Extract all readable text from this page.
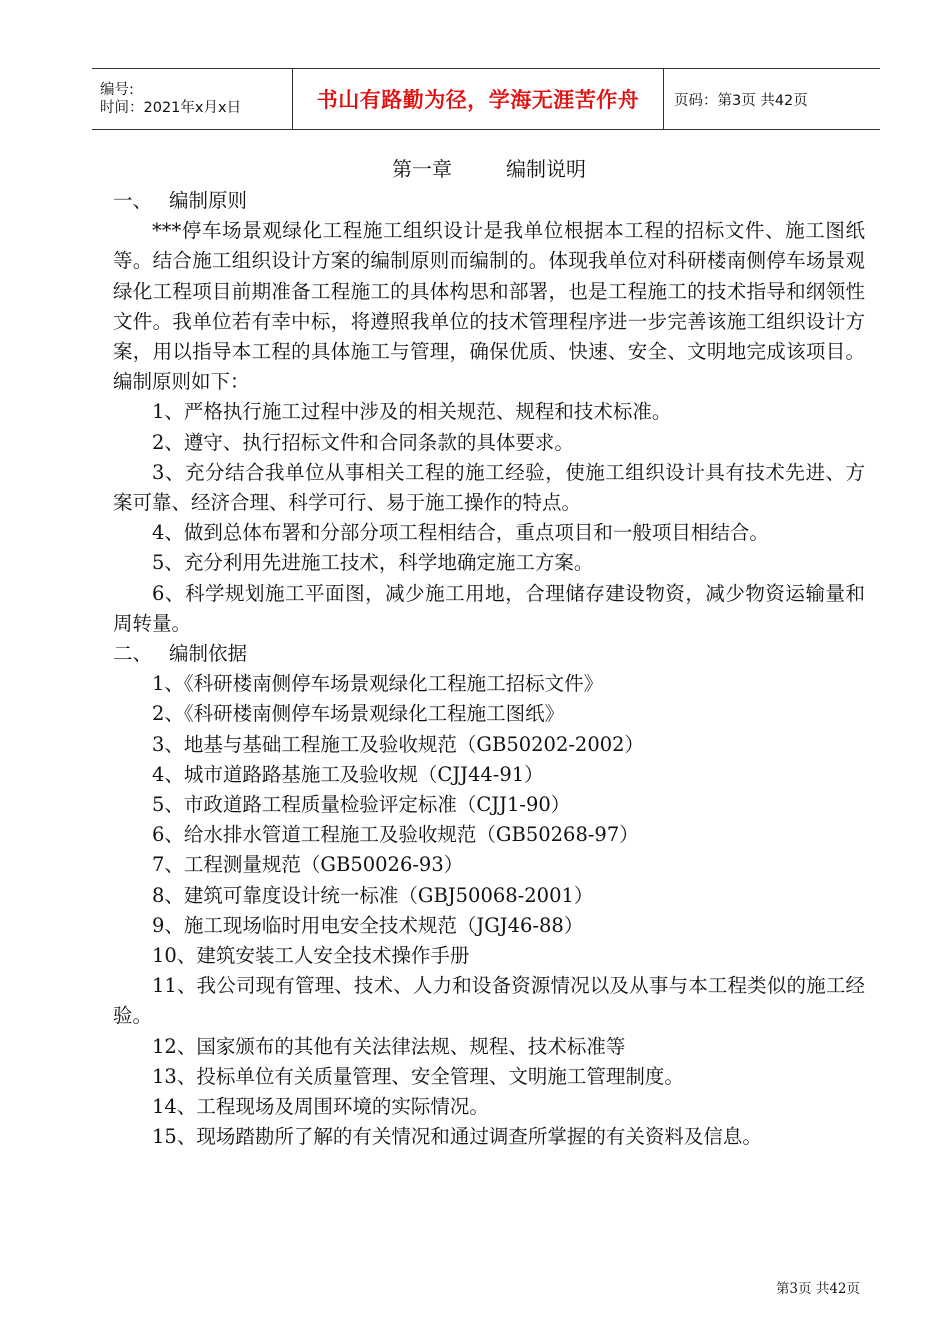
编号:
时间：2021年x月x日	书山有路勤为径，学海无涯苦作舟 页码：第3页 共42页
第一章	编制说明
一、 编制原则

***停车场景观绿化工程施工组织设计是我单位根据本工程的招标文件、施工图纸等。结合施工组织设计方案的编制原则而编制的。体现我单位对科研楼南侧停车场景观绿化工程项目前期准备工程施工的具体构思和部署，也是工程施工的技术指导和纲领性文件。我单位若有幸中标，将遵照我单位的技术管理程序进一步完善该施工组织设计方案，用以指导本工程的具体施工与管理，确保优质、快速、安全、文明地完成该项目。编制原则如下：

1、严格执行施工过程中涉及的相关规范、规程和技术标准。

2、遵守、执行招标文件和合同条款的具体要求。

3、充分结合我单位从事相关工程的施工经验，使施工组织设计具有技术先进、方案可靠、经济合理、科学可行、易于施工操作的特点。

4、做到总体布署和分部分项工程相结合，重点项目和一般项目相结合。

5、充分利用先进施工技术，科学地确定施工方案。

6、科学规划施工平面图，减少施工用地，合理储存建设物资，减少物资运输量和周转量。

二、 编制依据

1、《科研楼南侧停车场景观绿化工程施工招标文件》

2、《科研楼南侧停车场景观绿化工程施工图纸》

3、地基与基础工程施工及验收规范（GB50202-2002）

4、城市道路路基施工及验收规（CJJ44-91）

5、市政道路工程质量检验评定标准（CJJ1-90）

6、给水排水管道工程施工及验收规范（GB50268-97）

7、工程测量规范（GB50026-93）

8、建筑可靠度设计统一标准（GBJ50068-2001）

9、施工现场临时用电安全技术规范（JGJ46-88）

10、建筑安装工人安全技术操作手册

11、我公司现有管理、技术、人力和设备资源情况以及从事与本工程类似的施工经验。

12、国家颁布的其他有关法律法规、规程、技术标准等

13、投标单位有关质量管理、安全管理、文明施工管理制度。

14、工程现场及周围环境的实际情况。

15、现场踏勘所了解的有关情况和通过调查所掌握的有关资料及信息。

第3页 共42页
